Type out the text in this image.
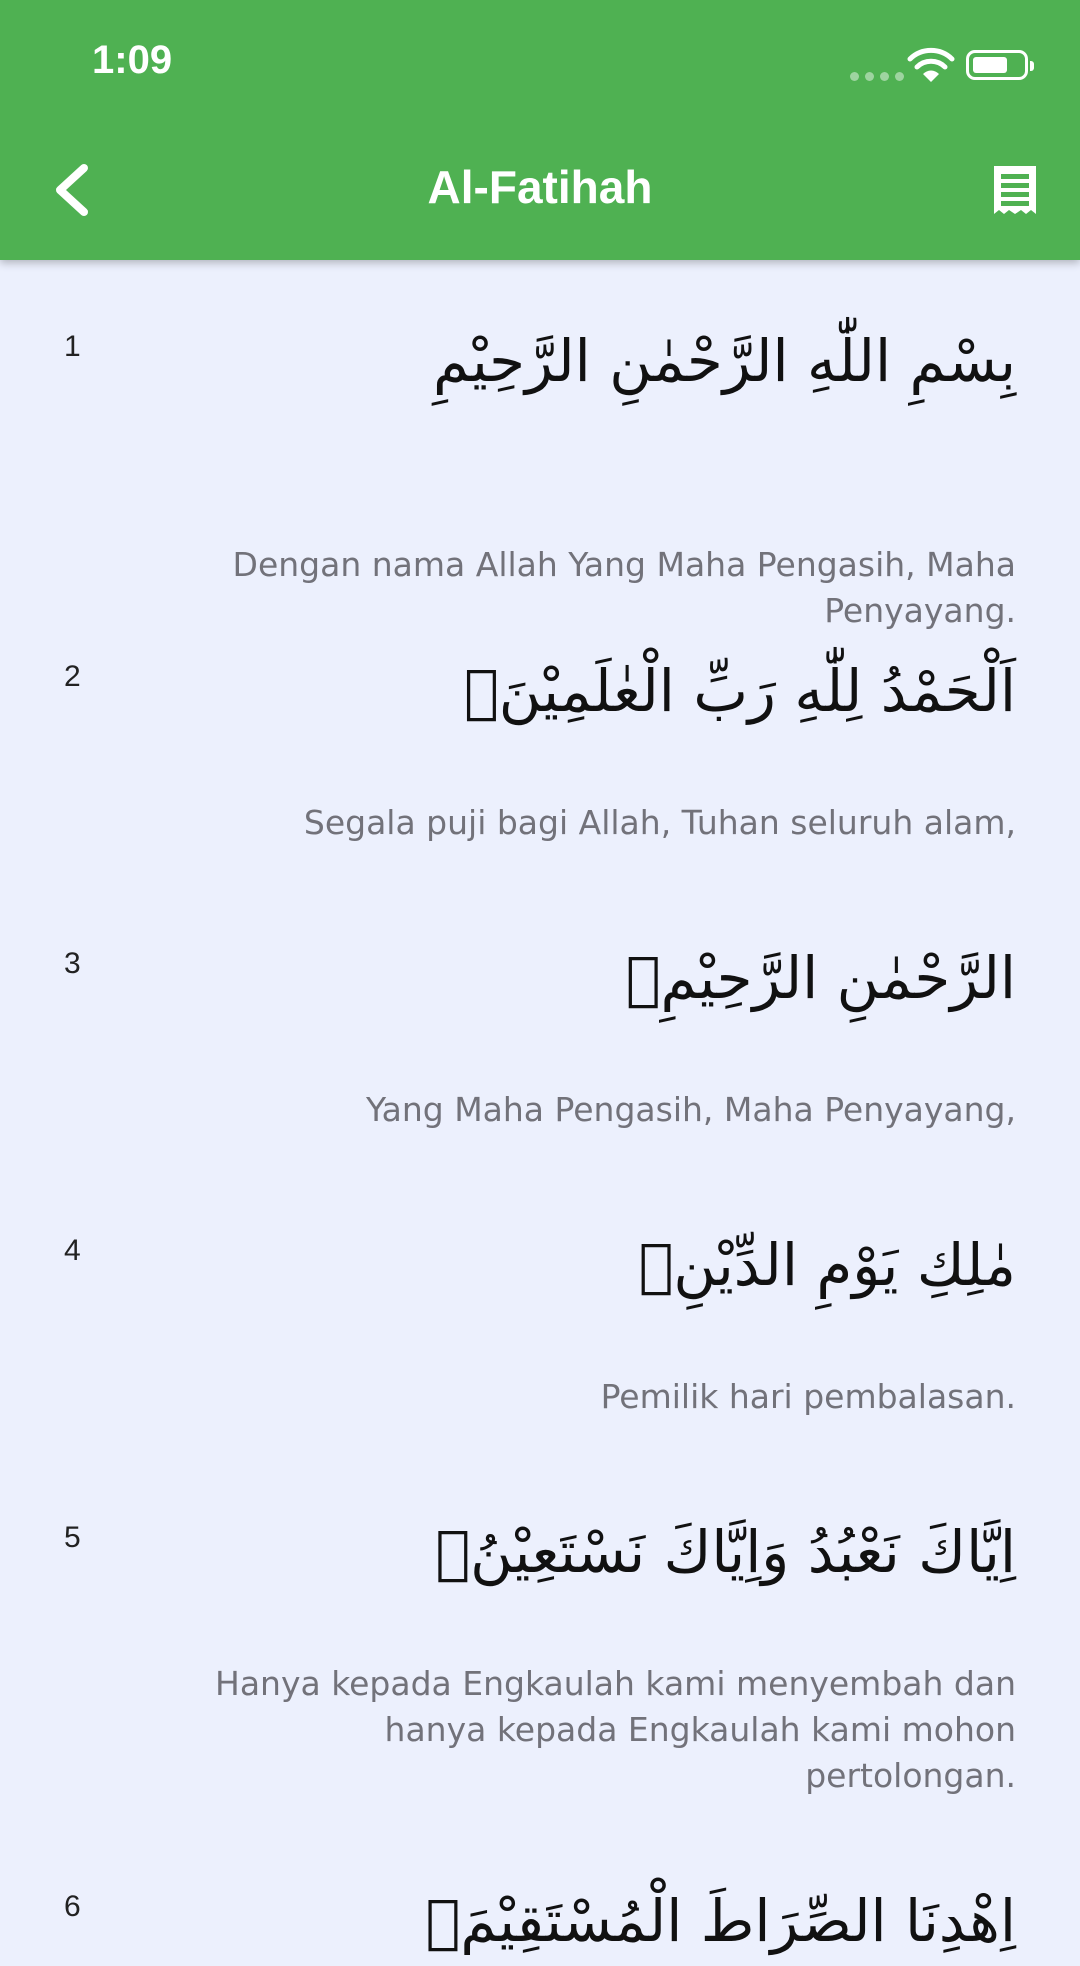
1:09
Al-Fatihah
1	بِسْمِ اللّٰهِ الرَّحْمٰنِ الرَّحِيْمِ
Dengan nama Allah Yang Maha Pengasih, Maha Penyayang.
2	اَلْحَمْدُ لِلّٰهِ رَبِّ الْعٰلَمِيْنَۙ
Segala puji bagi Allah, Tuhan seluruh alam,
3	الرَّحْمٰنِ الرَّحِيْمِۙ
Yang Maha Pengasih, Maha Penyayang,
4	مٰلِكِ يَوْمِ الدِّيْنِۗ
Pemilik hari pembalasan.
5	اِيَّاكَ نَعْبُدُ وَاِيَّاكَ نَسْتَعِيْنُۗ
Hanya kepada Engkaulah kami menyembah dan hanya kepada Engkaulah kami mohon pertolongan.
6	اِهْدِنَا الصِّرَاطَ الْمُسْتَقِيْمَۙ
